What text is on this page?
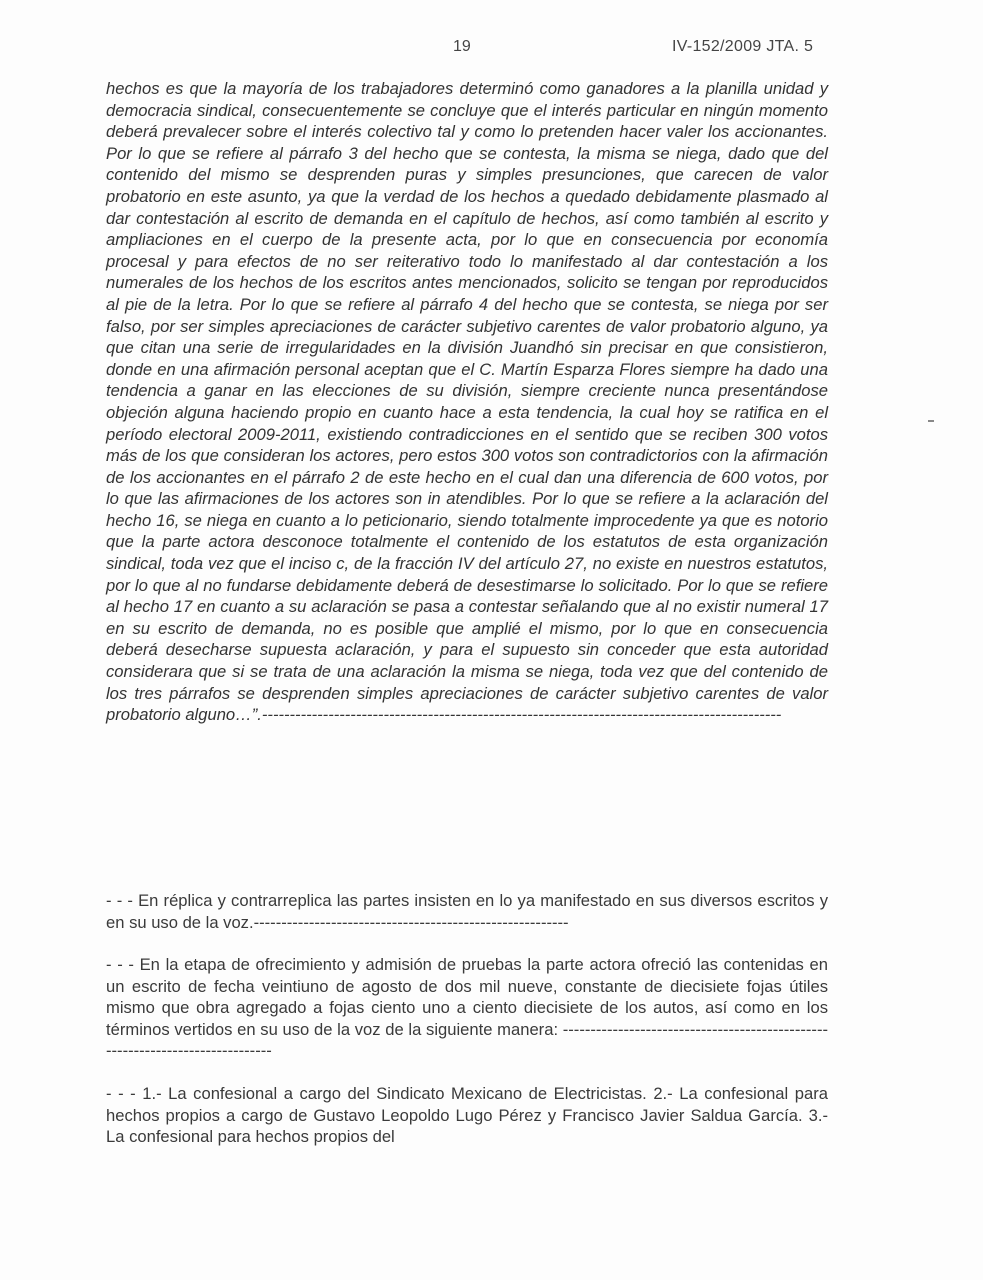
19	IV-152/2009 JTA. 5
hechos es que la mayoría de los trabajadores determinó como ganadores a la planilla unidad y democracia sindical, consecuentemente se concluye que el interés particular en ningún momento deberá prevalecer sobre el interés colectivo tal y como lo pretenden hacer valer los accionantes. Por lo que se refiere al párrafo 3 del hecho que se contesta, la misma se niega, dado que del contenido del mismo se desprenden puras y simples presunciones, que carecen de valor probatorio en este asunto, ya que la verdad de los hechos a quedado debidamente plasmado al dar contestación al escrito de demanda en el capítulo de hechos, así como también al escrito y ampliaciones en el cuerpo de la presente acta, por lo que en consecuencia por economía procesal y para efectos de no ser reiterativo todo lo manifestado al dar contestación a los numerales de los hechos de los escritos antes mencionados, solicito se tengan por reproducidos al pie de la letra. Por lo que se refiere al párrafo 4 del hecho que se contesta, se niega por ser falso, por ser simples apreciaciones de carácter subjetivo carentes de valor probatorio alguno, ya que citan una serie de irregularidades en la división Juandhó sin precisar en que consistieron, donde en una afirmación personal aceptan que el C. Martín Esparza Flores siempre ha dado una tendencia a ganar en las elecciones de su división, siempre creciente nunca presentándose objeción alguna haciendo propio en cuanto hace a esta tendencia, la cual hoy se ratifica en el período electoral 2009-2011, existiendo contradicciones en el sentido que se reciben 300 votos más de los que consideran los actores, pero estos 300 votos son contradictorios con la afirmación de los accionantes en el párrafo 2 de este hecho en el cual dan una diferencia de 600 votos, por lo que las afirmaciones de los actores son in atendibles. Por lo que se refiere a la aclaración del hecho 16, se niega en cuanto a lo peticionario, siendo totalmente improcedente ya que es notorio que la parte actora desconoce totalmente el contenido de los estatutos de esta organización sindical, toda vez que el inciso c, de la fracción IV del artículo 27, no existe en nuestros estatutos, por lo que al no fundarse debidamente deberá de desestimarse lo solicitado. Por lo que se refiere al hecho 17 en cuanto a su aclaración se pasa a contestar señalando que al no existir numeral 17 en su escrito de demanda, no es posible que amplié el mismo, por lo que en consecuencia deberá desecharse supuesta aclaración, y para el supuesto sin conceder que esta autoridad considerara que si se trata de una aclaración la misma se niega, toda vez que del contenido de los tres párrafos se desprenden simples apreciaciones de carácter subjetivo carentes de valor probatorio alguno…”.----------------------------------------------------------------------------------------------
- - - En réplica y contrarreplica las partes insisten en lo ya manifestado en sus diversos escritos y en su uso de la voz.---------------------------------------------------------
- - - En la etapa de ofrecimiento y admisión de pruebas la parte actora ofreció las contenidas en un escrito de fecha veintiuno de agosto de dos mil nueve, constante de diecisiete fojas útiles mismo que obra agregado a fojas ciento uno a ciento diecisiete de los autos, así como en los términos vertidos en su uso de la voz de la siguiente manera: ------------------------------------------------------------------------------
- - - 1.- La confesional a cargo del Sindicato Mexicano de Electricistas. 2.- La confesional para hechos propios a cargo de Gustavo Leopoldo Lugo Pérez y Francisco Javier Saldua García. 3.- La confesional para hechos propios del
